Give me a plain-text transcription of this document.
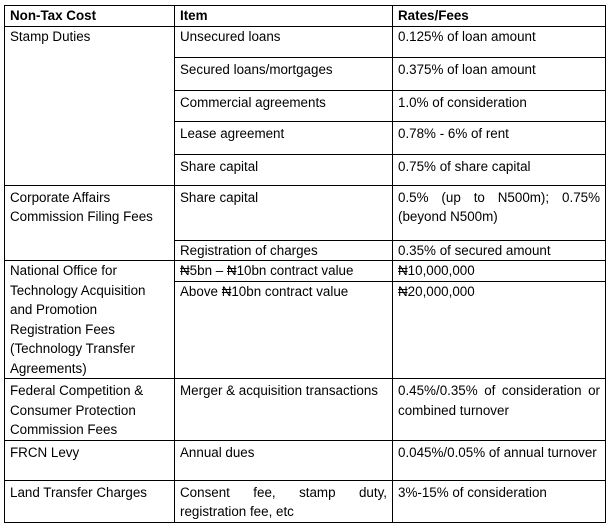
Non-Tax Cost	Item	Rates/Fees
Stamp Duties	Unsecured loans	0.125% of loan amount
	Secured loans/mortgages	0.375% of loan amount
	Commercial agreements	1.0% of consideration
	Lease agreement	0.78% - 6% of rent
	Share capital	0.75% of share capital
Corporate Affairs Commission Filing Fees	Share capital	0.5% (up to N500m); 0.75% (beyond N500m)
	Registration of charges	0.35% of secured amount
National Office for Technology Acquisition and Promotion Registration Fees (Technology Transfer Agreements)	₦5bn – ₦10bn contract value	₦10,000,000
	Above ₦10bn contract value	₦20,000,000
Federal Competition & Consumer Protection Commission Fees	Merger & acquisition transactions	0.45%/0.35% of consideration or combined turnover
FRCN Levy	Annual dues	0.045%/0.05% of annual turnover
Land Transfer Charges	Consent fee, stamp duty, registration fee, etc	3%-15% of consideration
